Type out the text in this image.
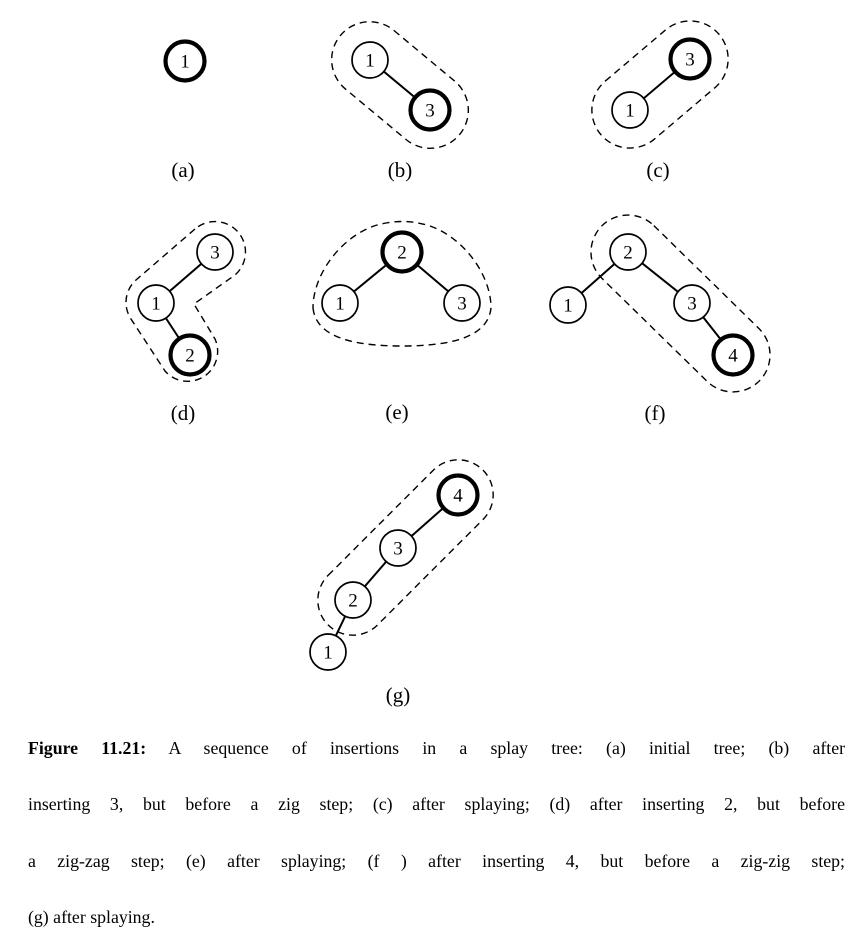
1
(a)
1
3
(b)
3
1
(c)
3
1
2
(d)
2
1	3
(e)
2
1	3
4
(f)
4
3
2
1
(g)
Figure 11.21: A sequence of insertions in a splay tree: (a) initial tree; (b) after
inserting 3, but before a zig step; (c) after splaying; (d) after inserting 2, but before
a zig-zag step; (e) after splaying; (f ) after inserting 4, but before a zig-zig step;
(g) after splaying.
